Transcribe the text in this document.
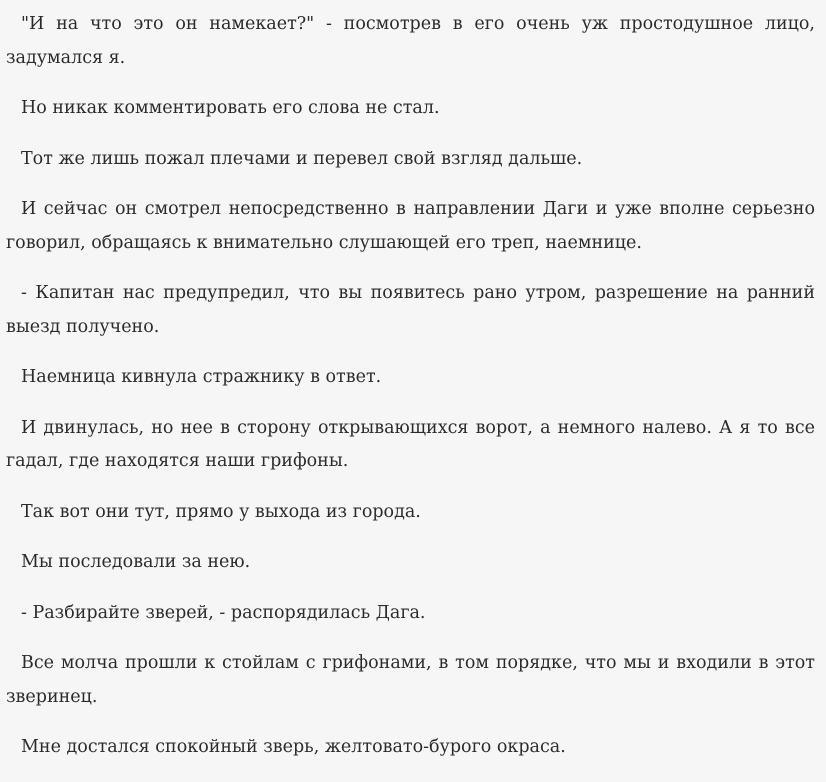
"И на что это он намекает?" - посмотрев в его очень уж простодушное лицо, задумался я.

Но никак комментировать его слова не стал.

Тот же лишь пожал плечами и перевел свой взгляд дальше.

И сейчас он смотрел непосредственно в направлении Даги и уже вполне серьезно говорил, обращаясь к внимательно слушающей его треп, наемнице.

- Капитан нас предупредил, что вы появитесь рано утром, разрешение на ранний выезд получено.

Наемница кивнула стражнику в ответ.

И двинулась, но нее в сторону открывающихся ворот, а немного налево. А я то все гадал, где находятся наши грифоны.

Так вот они тут, прямо у выхода из города.

Мы последовали за нею.

- Разбирайте зверей, - распорядилась Дага.

Все молча прошли к стойлам с грифонами, в том порядке, что мы и входили в этот зверинец.

Мне достался спокойный зверь, желтовато-бурого окраса.
